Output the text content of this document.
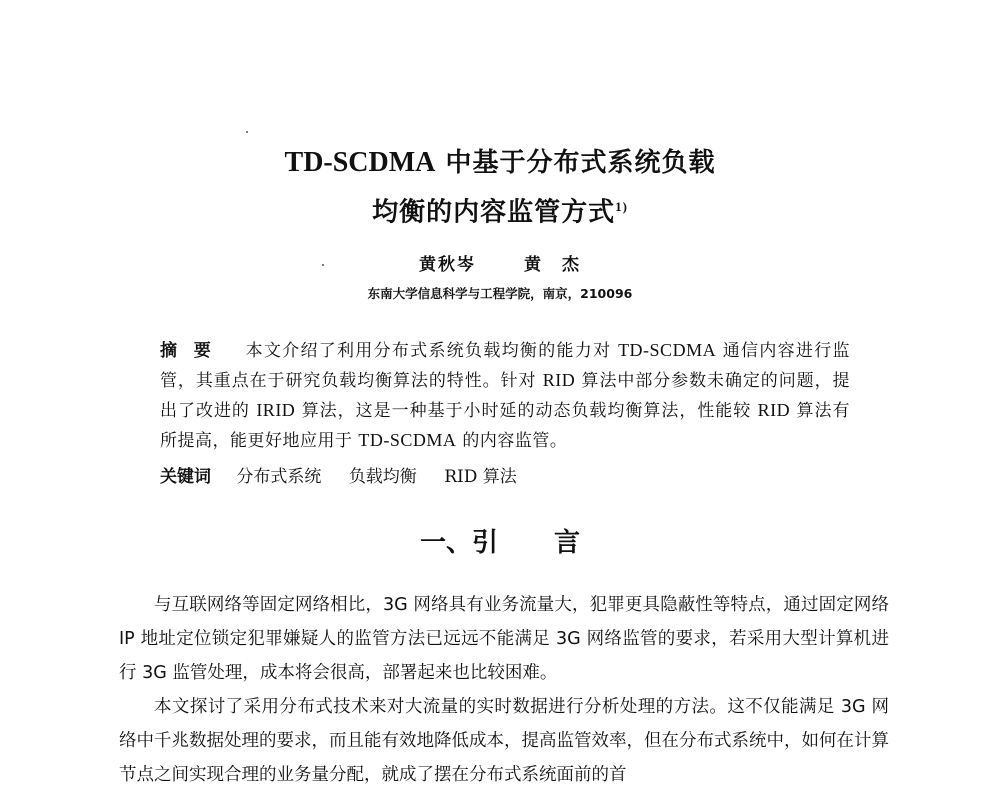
TD-SCDMA 中基于分布式系统负载
均衡的内容监管方式$^{1)}$
黄秋岑	黄　杰
东南大学信息科学与工程学院，南京，210096
摘要 本文介绍了利用分布式系统负载均衡的能力对 TD-SCDMA 通信内容进行监管，其重点在于研究负载均衡算法的特性。针对 RID 算法中部分参数未确定的问题，提出了改进的 IRID 算法，这是一种基于小时延的动态负载均衡算法，性能较 RID 算法有所提高，能更好地应用于 TD-SCDMA 的内容监管。
关键词 分布式系统 负载均衡 RID 算法
一、引 言

与互联网络等固定网络相比，3G 网络具有业务流量大，犯罪更具隐蔽性等特点，通过固定网络 IP 地址定位锁定犯罪嫌疑人的监管方法已远远不能满足 3G 网络监管的要求，若采用大型计算机进行 3G 监管处理，成本将会很高，部署起来也比较困难。

本文探讨了采用分布式技术来对大流量的实时数据进行分析处理的方法。这不仅能满足 3G 网络中千兆数据处理的要求，而且能有效地降低成本，提高监管效率，但在分布式系统中，如何在计算节点之间实现合理的业务量分配，就成了摆在分布式系统面前的首
